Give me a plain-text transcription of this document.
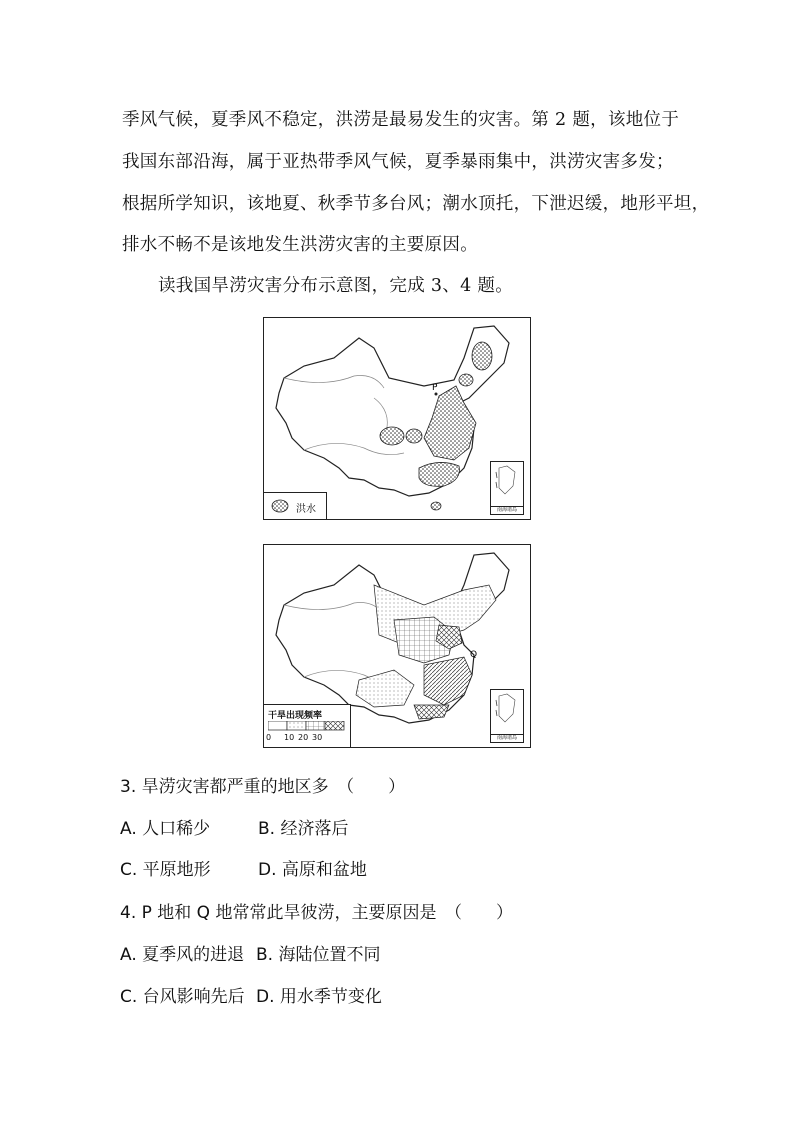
季风气候，夏季风不稳定，洪涝是最易发生的灾害。第 2 题，该地位于
我国东部沿海，属于亚热带季风气候，夏季暴雨集中，洪涝灾害多发；
根据所学知识，该地夏、秋季节多台风；潮水顶托，下泄迟缓，地形平坦，
排水不畅不是该地发生洪涝灾害的主要原因。
读我国旱涝灾害分布示意图，完成 3、4 题。
P
洪水	南海诸岛
Q
干旱出现频率
0 10 20 30	南海诸岛
3. 旱涝灾害都严重的地区多　（　　）
A. 人口稀少	B. 经济落后
C. 平原地形	D. 高原和盆地
4. P 地和 Q 地常常此旱彼涝，主要原因是　（　　）
A. 夏季风的进退 B. 海陆位置不同
C. 台风影响先后 D. 用水季节变化
